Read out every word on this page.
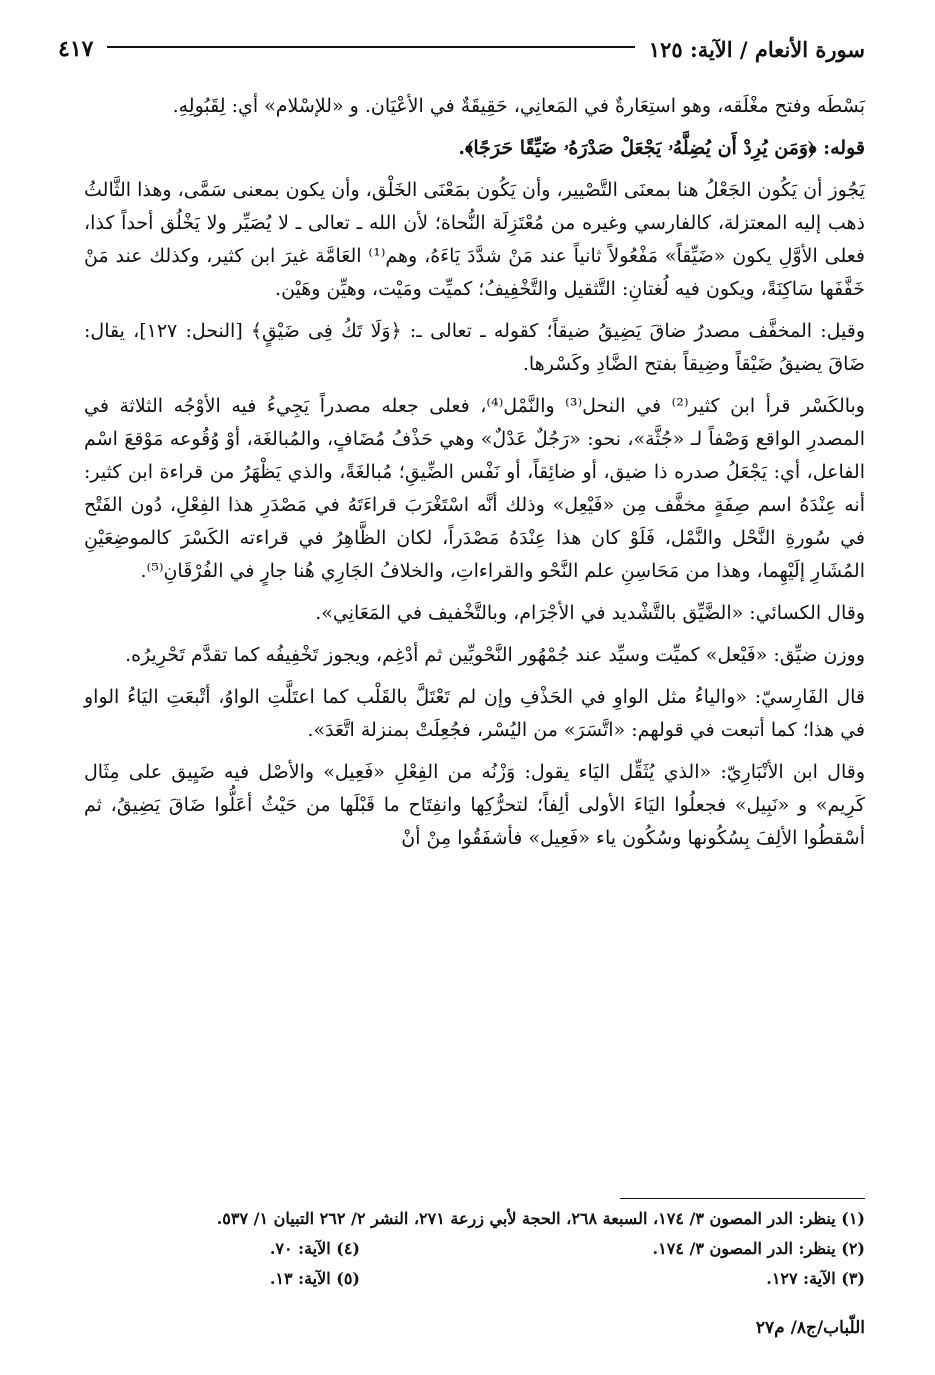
سورة الأنعام / الآية: ١٢٥
٤١٧

بَسْطَه وفتح مغْلَقه، وهو استِعَارةٌ في المَعانِي، حَقِيقَةٌ في الأعْيَان. و «للإسْلام» أي: لِقَبُولِهِ.

قوله: ﴿وَمَن يُرِدْ أَن يُضِلَّهُۥ يَجْعَلْ صَدْرَهُۥ ضَيِّقًا حَرَجًا﴾.

يَجُوز أن يَكُون الجَعْلُ هنا بمعنَى التَّصْيير، وأن يَكُون بمَعْنَى الخَلْق، وأن يكون بمعنى سَمَّى، وهذا الثَّالثُ ذهب إليه المعتزلة، كالفارسي وغيره من مُعْتَزِلَة النُّحاة؛ لأن الله ـ تعالى ـ لا يُصَيِّر ولا يَخْلُق أحداً كذا، فعلى الأوَّلِ يكون «ضَيِّقاً» مَفْعُولاً ثانياً عند مَنْ شدَّدَ يَاءَهُ، وهم⁽¹⁾ العَامَّة غيرَ ابن كثير، وكذلك عند مَنْ خَفَّفَها سَاكِنَةً، ويكون فيه لُغتانِ: التَّثقيل والتَّخْفِيفُ؛ كميِّت ومَيْت، وهيِّن وهَيْن.

وقيل: المخفَّف مصدرُ ضاقَ يَضِيقُ ضيقاً؛ كقوله ـ تعالى ـ: ﴿وَلَا تَكُ فِى ضَيْقٍ﴾ [النحل: ١٢٧]، يقال: ضَاقَ يضيقُ ضَيْقاً وضِيقاً بفتح الضَّادِ وكَسْرها.

وبالكَسْر قرأ ابن كثير⁽²⁾ في النحل⁽³⁾ والنَّمْل⁽⁴⁾، فعلى جعله مصدراً يَجِيءُ فيه الأوْجُه الثلاثة في المصدرِ الواقع وَصْفاً لـ «جُثَّة»، نحو: «رَجُلٌ عَدْلٌ» وهي حَذْفُ مُضَافٍ، والمُبالغَة، أوْ وُقُوعه مَوْقعَ اسْم الفاعل، أي: يَجْعَلُ صدره ذا ضيق، أو ضائِقاً، أو نَفْس الضِّيقِ؛ مُبالغَةً، والذي يَظْهَرُ من قراءة ابن كثير: أنه عِنْدَهُ اسم صِفَةٍ مخفَّف مِن «فَيْعِل» وذلك أنَّه اسْتَغْرَبَ قراءَتَهُ في مَصْدَرِ هذا الفِعْلِ، دُون الفَتْح في سُورةِ النَّحْل والنَّمْل، فَلَوْ كان هذا عِنْدَهُ مَصْدَراً، لكان الظَّاهِرُ في قراءته الكَسْرَ كالموضِعَيْنِ المُشَارِ إلَيْهِما، وهذا من مَحَاسِنِ علم النَّحْو والقراءاتِ، والخلافُ الجَارِي هُنا جارٍ في الفُرْقَانِ⁽⁵⁾.

وقال الكسائي: «الضَّيِّق بالتَّشْديد في الأجْرَام، وبالتَّخْفيف في المَعَانِي».

ووزن ضيِّق: «فَيْعل» كميِّت وسيِّد عند جُمْهُور النَّحْويِّين ثم أدْغِم، ويجوز تَخْفِيفُه كما تقدَّم تَحْرِيرُه.

قال الفَارِسيّ: «والياءُ مثل الواوِ في الحَذْفِ وإن لم تَعْتَلَّ بالقَلْب كما اعتَلَّتِ الواوُ، أتْبعَتِ اليَاءُ الواو في هذا؛ كما أتبعت في قولهم: «اتَّسَرَ» من اليُسْر، فجُعِلَتْ بمنزلة اتَّعَدَ».

وقال ابن الأنْبَارِيّ: «الذي يُثَقِّل اليَاء يقول: وَزْنُه من الفِعْلِ «فَعِيل» والأصْل فيه ضَيِيق على مِثَال كَرِيم» و «نَبِيل» فجعلُوا اليَاءَ الأولى ألِفاً؛ لتحرُّكِها وانفِتَاح ما قَبْلَها من حَيْثُ أعَلُّوا ضَاقَ يَضِيقُ، ثم أسْقطُوا الألِفَ بِسُكُونها وسُكُون ياء «فَعِيل» فأشفَقُوا مِنْ أنْ

(١) ينظر: الدر المصون ٣/ ١٧٤، السبعة ٢٦٨، الحجة لأبي زرعة ٢٧١، النشر ٢/ ٢٦٢ التبيان ١/ ٥٣٧.
(٢) ينظر: الدر المصون ٣/ ١٧٤.
(٤) الآية: ٧٠.
(٣) الآية: ١٢٧.
(٥) الآية: ١٣.
اللّباب/ج٨/ م٢٧
